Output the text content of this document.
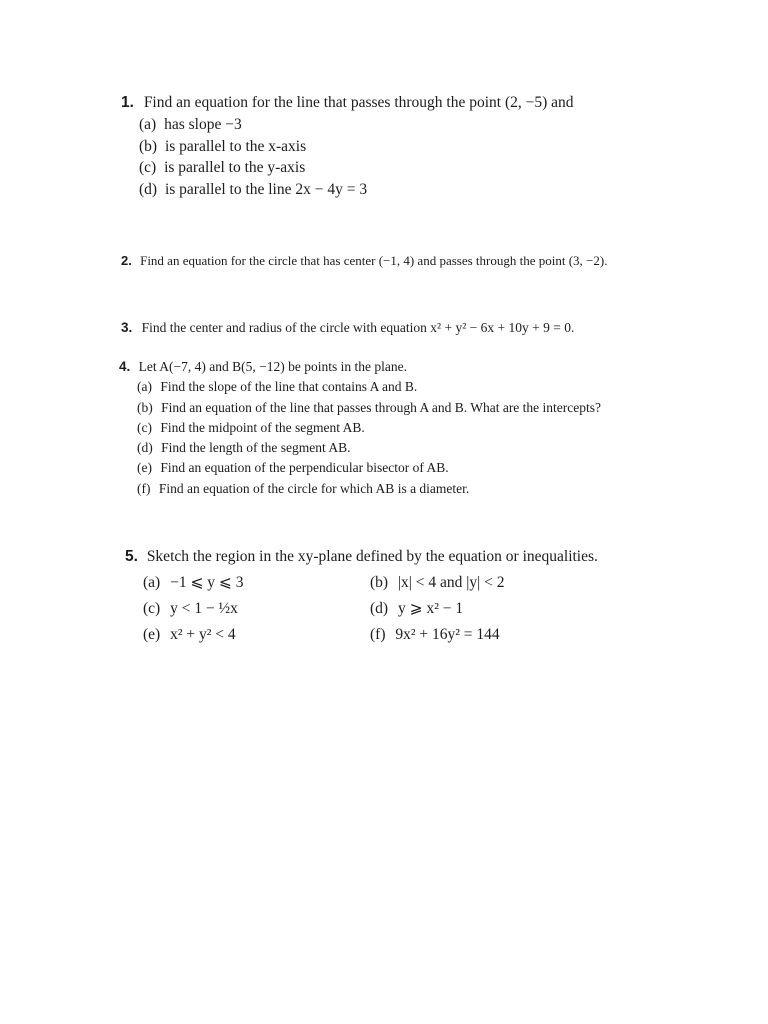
1. Find an equation for the line that passes through the point (2, −5) and
(a) has slope −3
(b) is parallel to the x-axis
(c) is parallel to the y-axis
(d) is parallel to the line 2x − 4y = 3
2. Find an equation for the circle that has center (−1, 4) and passes through the point (3, −2).
3. Find the center and radius of the circle with equation x² + y² − 6x + 10y + 9 = 0.
4. Let A(−7, 4) and B(5, −12) be points in the plane.
(a) Find the slope of the line that contains A and B.
(b) Find an equation of the line that passes through A and B. What are the intercepts?
(c) Find the midpoint of the segment AB.
(d) Find the length of the segment AB.
(e) Find an equation of the perpendicular bisector of AB.
(f) Find an equation of the circle for which AB is a diameter.
5. Sketch the region in the xy-plane defined by the equation or inequalities.
(a) −1 ⩽ y ⩽ 3	(b) |x| < 4 and |y| < 2
(c) y < 1 − ½x	(d) y ⩾ x² − 1
(e) x² + y² < 4	(f) 9x² + 16y² = 144
